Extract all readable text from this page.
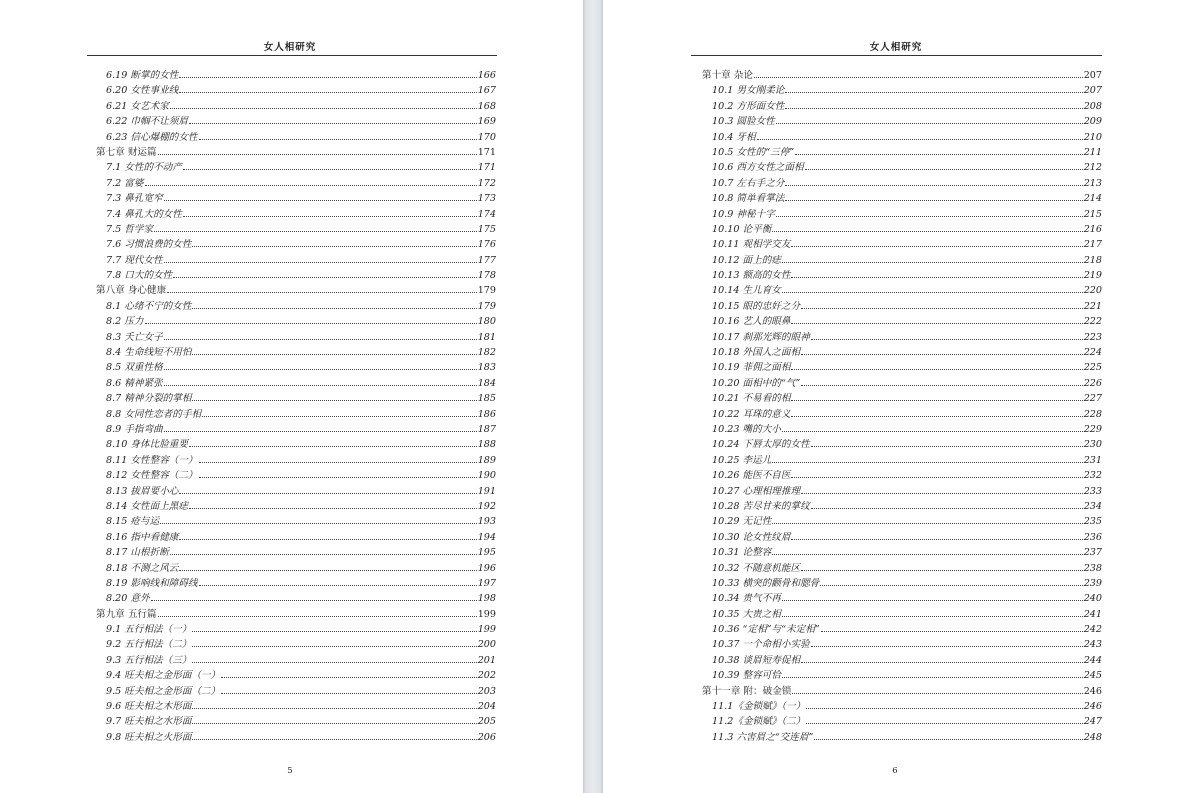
女人相研究
6.19 断掌的女性	166
6.20 女性事业线	167
6.21 女艺术家	168
6.22 巾帼不让须眉	169
6.23 信心爆棚的女性	170
第七章 财运篇	171
7.1 女性的不动产	171
7.2 富婆	172
7.3 鼻孔宽窄	173
7.4 鼻孔大的女性	174
7.5 哲学家	175
7.6 习惯浪费的女性	176
7.7 现代女性	177
7.8 口大的女性	178
第八章 身心健康	179
8.1 心绪不宁的女性	179
8.2 压力	180
8.3 夭亡女子	181
8.4 生命线短不用怕	182
8.5 双重性格	183
8.6 精神紧张	184
8.7 精神分裂的掌相	185
8.8 女同性恋者的手相	186
8.9 手指弯曲	187
8.10 身体比脸重要	188
8.11 女性整容（一）	189
8.12 女性整容（二）	190
8.13 拔眉要小心	191
8.14 女性面上黑痣	192
8.15 疮与运	193
8.16 指中看健康	194
8.17 山根折断	195
8.18 不测之风云	196
8.19 影响线和障碍线	197
8.20 意外	198
第九章 五行篇	199
9.1 五行相法（一）	199
9.2 五行相法（二）	200
9.3 五行相法（三）	201
9.4 旺夫相之金形面（一）	202
9.5 旺夫相之金形面（二）	203
9.6 旺夫相之木形面	204
9.7 旺夫相之水形面	205
9.8 旺夫相之火形面	206
5
女人相研究
第十章 杂论	207
10.1 男女刚柔论	207
10.2 方形面女性	208
10.3 圆脸女性	209
10.4 牙相	210
10.5 女性的“三停”	211
10.6 西方女性之面相	212
10.7 左右手之分	213
10.8 简单看掌法	214
10.9 神秘十字	215
10.10 论平衡	216
10.11 观相学交友	217
10.12 面上的痣	218
10.13 额高的女性	219
10.14 生儿育女	220
10.15 眼的忠奸之分	221
10.16 艺人的眼鼻	222
10.17 刹那光辉的眼神	223
10.18 外国人之面相	224
10.19 菲佣之面相	225
10.20 面相中的“气”	226
10.21 不易看的相	227
10.22 耳珠的意义	228
10.23 嘴的大小	229
10.24 下唇太厚的女性	230
10.25 李运儿	231
10.26 能医不自医	232
10.27 心理相理推理	233
10.28 苦尽甘来的掌纹	234
10.29 无记性	235
10.30 论女性纹眉	236
10.31 论整容	237
10.32 不随意机能区	238
10.33 横突的颧骨和腮骨	239
10.34 贵气不再	240
10.35 大贵之相	241
10.36 “定相”与“未定相”	242
10.37 一个命相小实验	243
10.38 谈眉短寿促相	244
10.39 整容可恰	245
第十一章 附：破金锁	246
11.1《金锁赋》（一）	246
11.2《金锁赋》（二）	247
11.3 六害眉之“交连眉”	248
6
